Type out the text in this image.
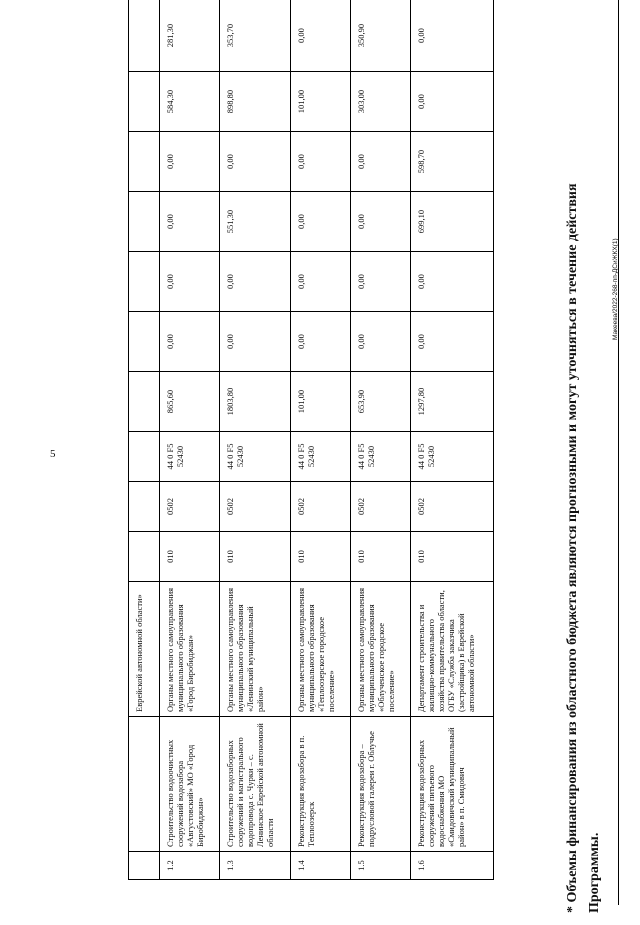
5
Макеева/2022-268-пп-ДСиЖКХ(1)
* Объемы финансирования из областного бюджета являются прогнозными и могут уточняться в течение действия Программы.
		Еврейской автономной области»										
1.2	Строительство водоочистных сооружений водозабора «Августовский» МО «Город Биробиджан»	Органы местного самоуправления муниципального образования «Город Биробиджан»	010	0502	44 0 F5 52430	865,60	0,00	0,00	0,00	0,00	584,30	281,30
1.3	Строительство водозаборных сооружений и магистрального водопровода с. Чурки – с. Ленинское Еврейской автономной области	Органы местного самоуправления муниципального образования «Ленинский муниципальный район»	010	0502	44 0 F5 52430	1803,80	0,00	0,00	551,30	0,00	898,80	353,70
1.4	Реконструкция водозабора в п. Теплоозерск	Органы местного самоуправления муниципального образования «Теплоозерское городское поселение»	010	0502	44 0 F5 52430	101,00	0,00	0,00	0,00	0,00	101,00	0,00
1.5	Реконструкция водозабора – подрусловой галереи г. Облучье	Органы местного самоуправления муниципального образования «Облученское городское поселение»	010	0502	44 0 F5 52430	653,90	0,00	0,00	0,00	0,00	303,00	350,90
1.6	Реконструкция водозаборных сооружений питьевого водоснабжения МО «Смидовичский муниципальный район» в п. Смидович	Департамент строительства и жилищно-коммунального хозяйства правительства области, ОГБУ «Служба заказчика (застройщика) в Еврейской автономной области»	010	0502	44 0 F5 52430	1297,80	0,00	0,00	699,10	598,70	0,00	0,00
